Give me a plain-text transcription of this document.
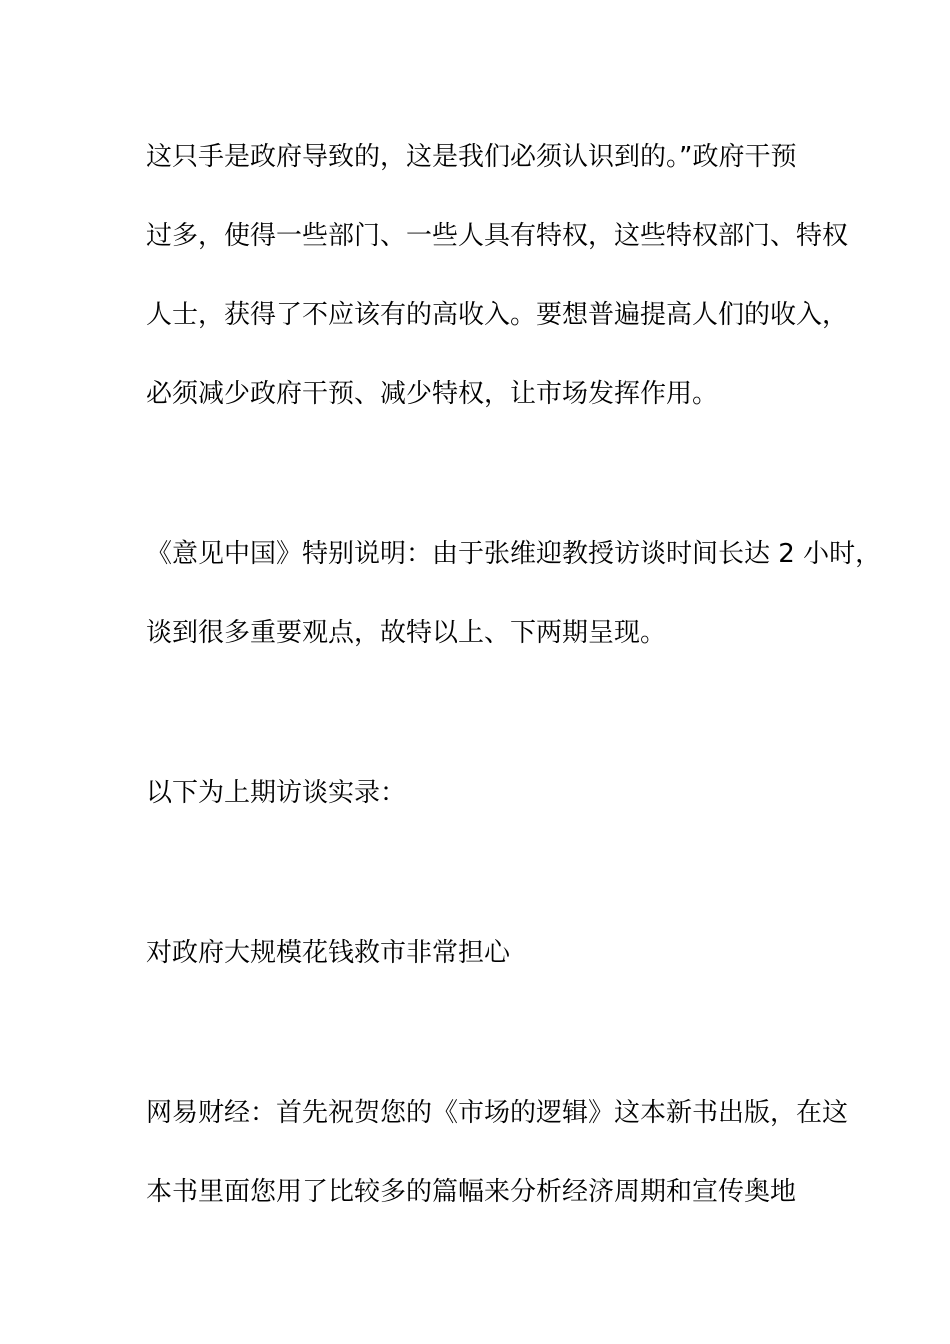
这只手是政府导致的，这是我们必须认识到的。”政府干预
过多，使得一些部门、一些人具有特权，这些特权部门、特权
人士，获得了不应该有的高收入。要想普遍提高人们的收入，
必须减少政府干预、减少特权，让市场发挥作用。
《意见中国》特别说明：由于张维迎教授访谈时间长达 2 小时，
谈到很多重要观点，故特以上、下两期呈现。
以下为上期访谈实录：
对政府大规模花钱救市非常担心
网易财经：首先祝贺您的《市场的逻辑》这本新书出版，在这
本书里面您用了比较多的篇幅来分析经济周期和宣传奥地
